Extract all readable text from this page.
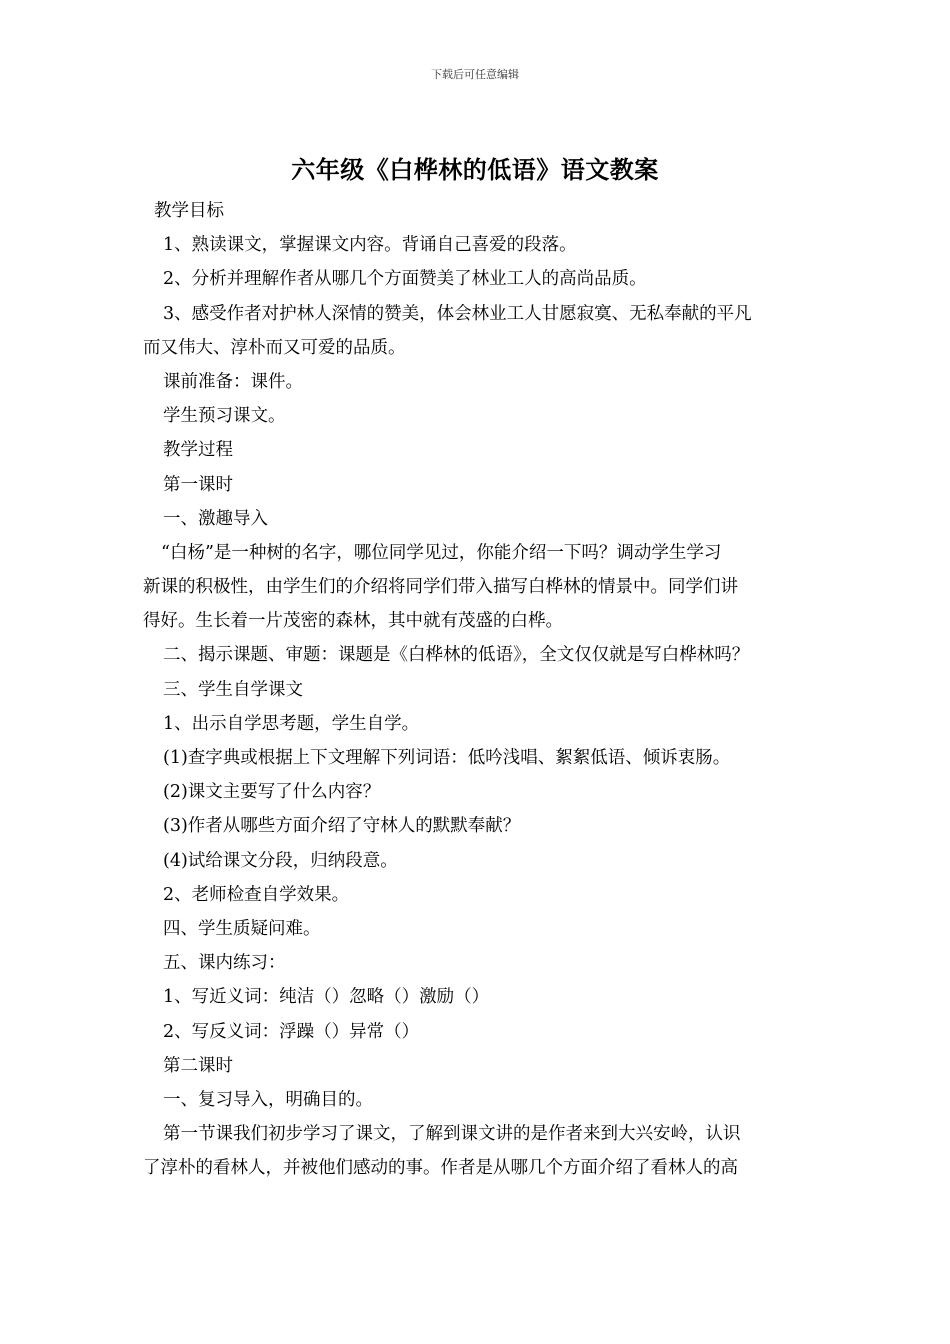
下载后可任意编辑
六年级《白桦林的低语》语文教案
教学目标
1、熟读课文，掌握课文内容。背诵自己喜爱的段落。
2、分析并理解作者从哪几个方面赞美了林业工人的高尚品质。
3、感受作者对护林人深情的赞美，体会林业工人甘愿寂寞、无私奉献的平凡
而又伟大、淳朴而又可爱的品质。
课前准备：课件。
学生预习课文。
教学过程
第一课时
一、激趣导入
“白杨”是一种树的名字，哪位同学见过，你能介绍一下吗？调动学生学习
新课的积极性，由学生们的介绍将同学们带入描写白桦林的情景中。同学们讲
得好。生长着一片茂密的森林，其中就有茂盛的白桦。
二、揭示课题、审题：课题是《白桦林的低语》，全文仅仅就是写白桦林吗？
三、学生自学课文
1、出示自学思考题，学生自学。
(1)查字典或根据上下文理解下列词语：低吟浅唱、絮絮低语、倾诉衷肠。
(2)课文主要写了什么内容？
(3)作者从哪些方面介绍了守林人的默默奉献？
(4)试给课文分段，归纳段意。
2、老师检查自学效果。
四、学生质疑问难。
五、课内练习：
1、写近义词：纯洁（）忽略（）激励（）
2、写反义词：浮躁（）异常（）
第二课时
一、复习导入，明确目的。
第一节课我们初步学习了课文，了解到课文讲的是作者来到大兴安岭，认识
了淳朴的看林人，并被他们感动的事。作者是从哪几个方面介绍了看林人的高
